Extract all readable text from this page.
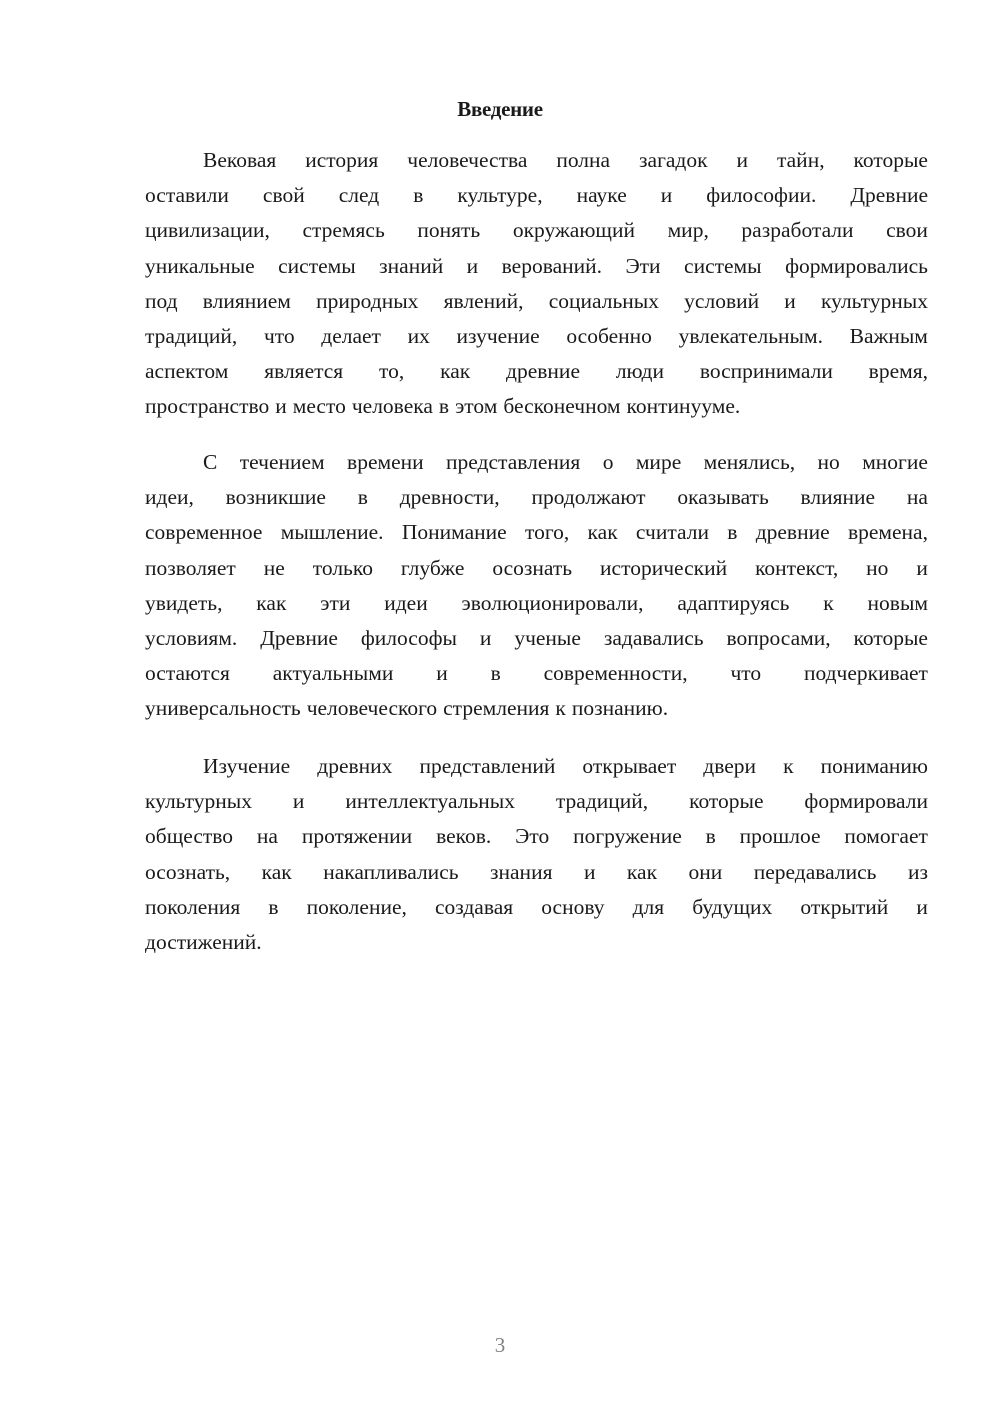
Введение
Вековая история человечества полна загадок и тайн, которые
оставили свой след в культуре, науке и философии. Древние
цивилизации, стремясь понять окружающий мир, разработали свои
уникальные системы знаний и верований. Эти системы формировались
под влиянием природных явлений, социальных условий и культурных
традиций, что делает их изучение особенно увлекательным. Важным
аспектом является то, как древние люди воспринимали время,
пространство и место человека в этом бесконечном континууме.
С течением времени представления о мире менялись, но многие
идеи, возникшие в древности, продолжают оказывать влияние на
современное мышление. Понимание того, как считали в древние времена,
позволяет не только глубже осознать исторический контекст, но и
увидеть, как эти идеи эволюционировали, адаптируясь к новым
условиям. Древние философы и ученые задавались вопросами, которые
остаются актуальными и в современности, что подчеркивает
универсальность человеческого стремления к познанию.
Изучение древних представлений открывает двери к пониманию
культурных и интеллектуальных традиций, которые формировали
общество на протяжении веков. Это погружение в прошлое помогает
осознать, как накапливались знания и как они передавались из
поколения в поколение, создавая основу для будущих открытий и
достижений.
3
